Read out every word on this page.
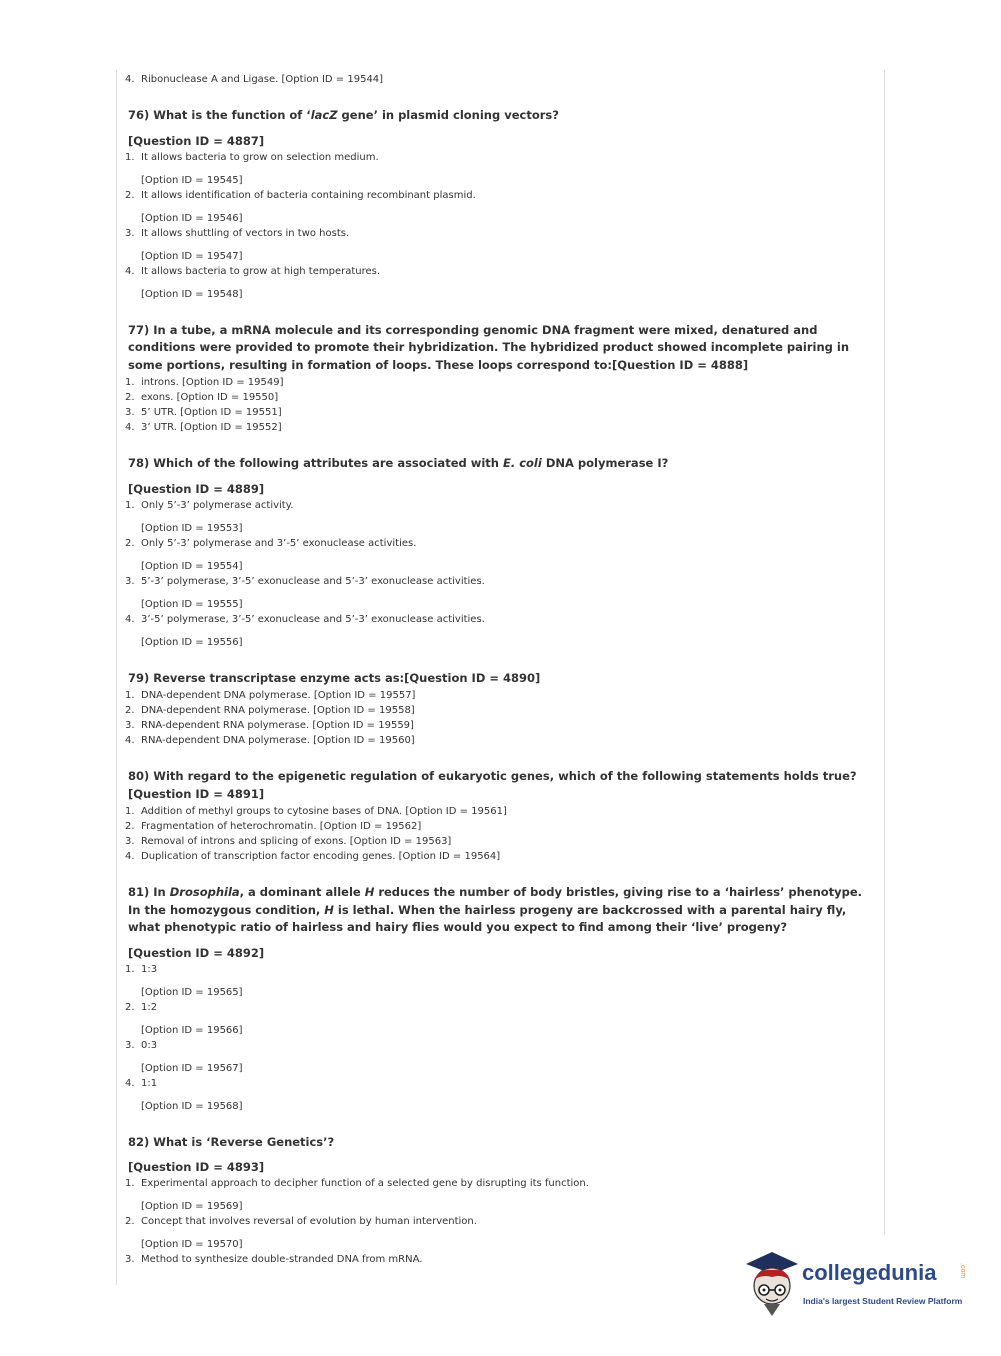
4. Ribonuclease A and Ligase. [Option ID = 19544]
76) What is the function of ‘lacZ gene’ in plasmid cloning vectors?
[Question ID = 4887]
1. It allows bacteria to grow on selection medium.
[Option ID = 19545]
2. It allows identification of bacteria containing recombinant plasmid.
[Option ID = 19546]
3. It allows shuttling of vectors in two hosts.
[Option ID = 19547]
4. It allows bacteria to grow at high temperatures.
[Option ID = 19548]
77) In a tube, a mRNA molecule and its corresponding genomic DNA fragment were mixed, denatured and conditions were provided to promote their hybridization. The hybridized product showed incomplete pairing in some portions, resulting in formation of loops. These loops correspond to:[Question ID = 4888]
1. introns. [Option ID = 19549]
2. exons. [Option ID = 19550]
3. 5’ UTR. [Option ID = 19551]
4. 3’ UTR. [Option ID = 19552]
78) Which of the following attributes are associated with E. coli DNA polymerase I?
[Question ID = 4889]
1. Only 5’-3’ polymerase activity.
[Option ID = 19553]
2. Only 5’-3’ polymerase and 3’-5’ exonuclease activities.
[Option ID = 19554]
3. 5’-3’ polymerase, 3’-5’ exonuclease and 5’-3’ exonuclease activities.
[Option ID = 19555]
4. 3’-5’ polymerase, 3’-5’ exonuclease and 5’-3’ exonuclease activities.
[Option ID = 19556]
79) Reverse transcriptase enzyme acts as:[Question ID = 4890]
1. DNA-dependent DNA polymerase. [Option ID = 19557]
2. DNA-dependent RNA polymerase. [Option ID = 19558]
3. RNA-dependent RNA polymerase. [Option ID = 19559]
4. RNA-dependent DNA polymerase. [Option ID = 19560]
80) With regard to the epigenetic regulation of eukaryotic genes, which of the following statements holds true?[Question ID = 4891]
1. Addition of methyl groups to cytosine bases of DNA. [Option ID = 19561]
2. Fragmentation of heterochromatin. [Option ID = 19562]
3. Removal of introns and splicing of exons. [Option ID = 19563]
4. Duplication of transcription factor encoding genes. [Option ID = 19564]
81) In Drosophila, a dominant allele H reduces the number of body bristles, giving rise to a ‘hairless’ phenotype. In the homozygous condition, H is lethal. When the hairless progeny are backcrossed with a parental hairy fly, what phenotypic ratio of hairless and hairy flies would you expect to find among their ‘live’ progeny?
[Question ID = 4892]
1. 1:3
[Option ID = 19565]
2. 1:2
[Option ID = 19566]
3. 0:3
[Option ID = 19567]
4. 1:1
[Option ID = 19568]
82) What is ‘Reverse Genetics’?
[Question ID = 4893]
1. Experimental approach to decipher function of a selected gene by disrupting its function.
[Option ID = 19569]
2. Concept that involves reversal of evolution by human intervention.
[Option ID = 19570]
3. Method to synthesize double-stranded DNA from mRNA.
collegedunia	.com
India's largest Student Review Platform
